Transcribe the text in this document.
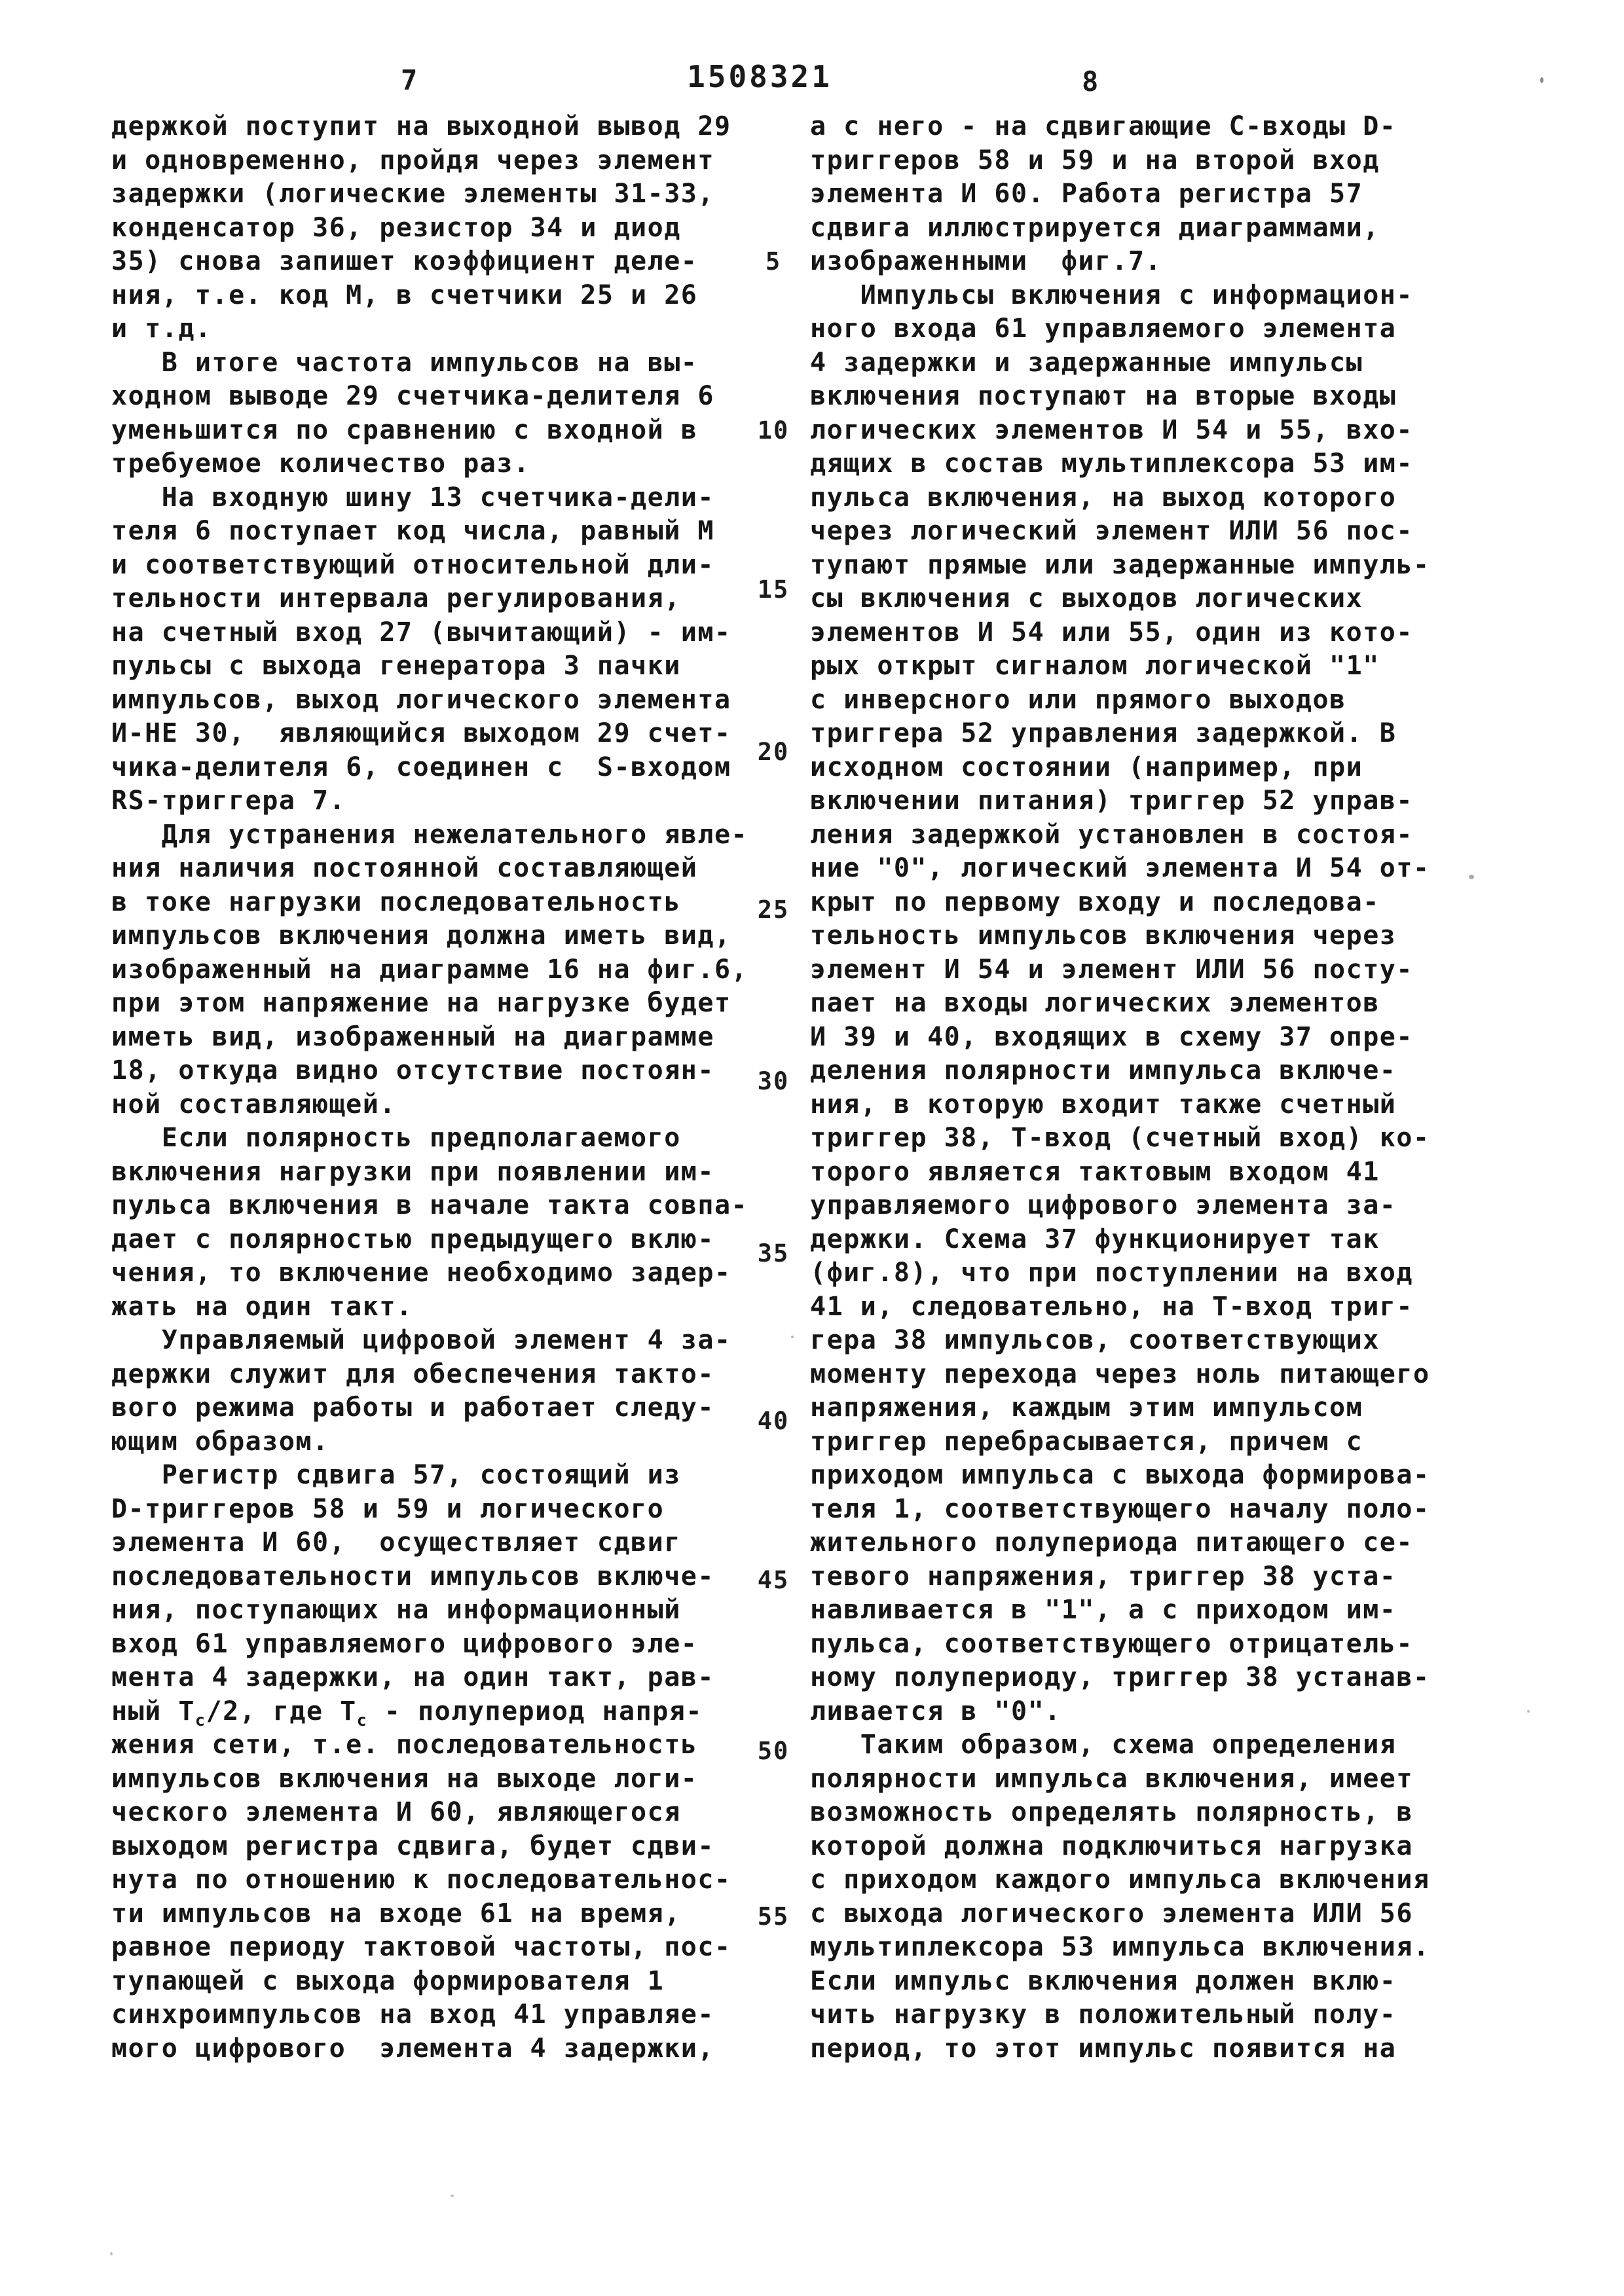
7	1508321	8
держкой поступит на выходной вывод 29
и одновременно, пройдя через элемент
задержки (логические элементы 31-33,
конденсатор 36, резистор 34 и диод
35) снова запишет коэффициент деле-
ния, т.е. код М, в счетчики 25 и 26
и т.д.
В итоге частота импульсов на вы-
ходном выводе 29 счетчика-делителя 6
уменьшится по сравнению с входной в
требуемое количество раз.
На входную шину 13 счетчика-дели-
теля 6 поступает код числа, равный М
и соответствующий относительной дли-
тельности интервала регулирования,
на счетный вход 27 (вычитающий) - им-
пульсы с выхода генератора 3 пачки
импульсов, выход логического элемента
И-НЕ 30,  являющийся выходом 29 счет-
чика-делителя 6, соединен с  S-входом
RS-триггера 7.
Для устранения нежелательного явле-
ния наличия постоянной составляющей
в токе нагрузки последовательность
импульсов включения должна иметь вид,
изображенный на диаграмме 16 на фиг.6,
при этом напряжение на нагрузке будет
иметь вид, изображенный на диаграмме
18, откуда видно отсутствие постоян-
ной составляющей.
Если полярность предполагаемого
включения нагрузки при появлении им-
пульса включения в начале такта совпа-
дает с полярностью предыдущего вклю-
чения, то включение необходимо задер-
жать на один такт.
Управляемый цифровой элемент 4 за-
держки служит для обеспечения такто-
вого режима работы и работает следу-
ющим образом.
Регистр сдвига 57, состоящий из
D-триггеров 58 и 59 и логического
элемента И 60,  осуществляет сдвиг
последовательности импульсов включе-
ния, поступающих на информационный
вход 61 управляемого цифрового эле-
мента 4 задержки, на один такт, рав-
ный $Т_с/2$, где $Т_с$ - полупериод напря-
жения сети, т.е. последовательность
импульсов включения на выходе логи-
ческого элемента И 60, являющегося
выходом регистра сдвига, будет сдви-
нута по отношению к последовательнос-
ти импульсов на входе 61 на время,
равное периоду тактовой частоты, пос-
тупающей с выхода формирователя 1
синхроимпульсов на вход 41 управляе-
мого цифрового  элемента 4 задержки,
а с него - на сдвигающие С-входы D-
триггеров 58 и 59 и на второй вход
элемента И 60. Работа регистра 57
сдвига иллюстрируется диаграммами,
изображенными  фиг.7.
Импульсы включения с информацион-
ного входа 61 управляемого элемента
4 задержки и задержанные импульсы
включения поступают на вторые входы
логических элементов И 54 и 55, вхо-
дящих в состав мультиплексора 53 им-
пульса включения, на выход которого
через логический элемент ИЛИ 56 пос-
тупают прямые или задержанные импуль-
сы включения с выходов логических
элементов И 54 или 55, один из кото-
рых открыт сигналом логической "1"
с инверсного или прямого выходов
триггера 52 управления задержкой. В
исходном состоянии (например, при
включении питания) триггер 52 управ-
ления задержкой установлен в состоя-
ние "0", логический элемента И 54 от-
крыт по первому входу и последова-
тельность импульсов включения через
элемент И 54 и элемент ИЛИ 56 посту-
пает на входы логических элементов
И 39 и 40, входящих в схему 37 опре-
деления полярности импульса включе-
ния, в которую входит также счетный
триггер 38, Т-вход (счетный вход) ко-
торого является тактовым входом 41
управляемого цифрового элемента за-
держки. Схема 37 функционирует так
(фиг.8), что при поступлении на вход
41 и, следовательно, на Т-вход триг-
гера 38 импульсов, соответствующих
моменту перехода через ноль питающего
напряжения, каждым этим импульсом
триггер перебрасывается, причем с
приходом импульса с выхода формирова-
теля 1, соответствующего началу поло-
жительного полупериода питающего се-
тевого напряжения, триггер 38 уста-
навливается в "1", а с приходом им-
пульса, соответствующего отрицатель-
ному полупериоду, триггер 38 устанав-
ливается в "0".
Таким образом, схема определения
полярности импульса включения, имеет
возможность определять полярность, в
которой должна подключиться нагрузка
с приходом каждого импульса включения
с выхода логического элемента ИЛИ 56
мультиплексора 53 импульса включения.
Если импульс включения должен вклю-
чить нагрузку в положительный полу-
период, то этот импульс появится на
5
10
15
20
25
30
35
40
45
50
55
